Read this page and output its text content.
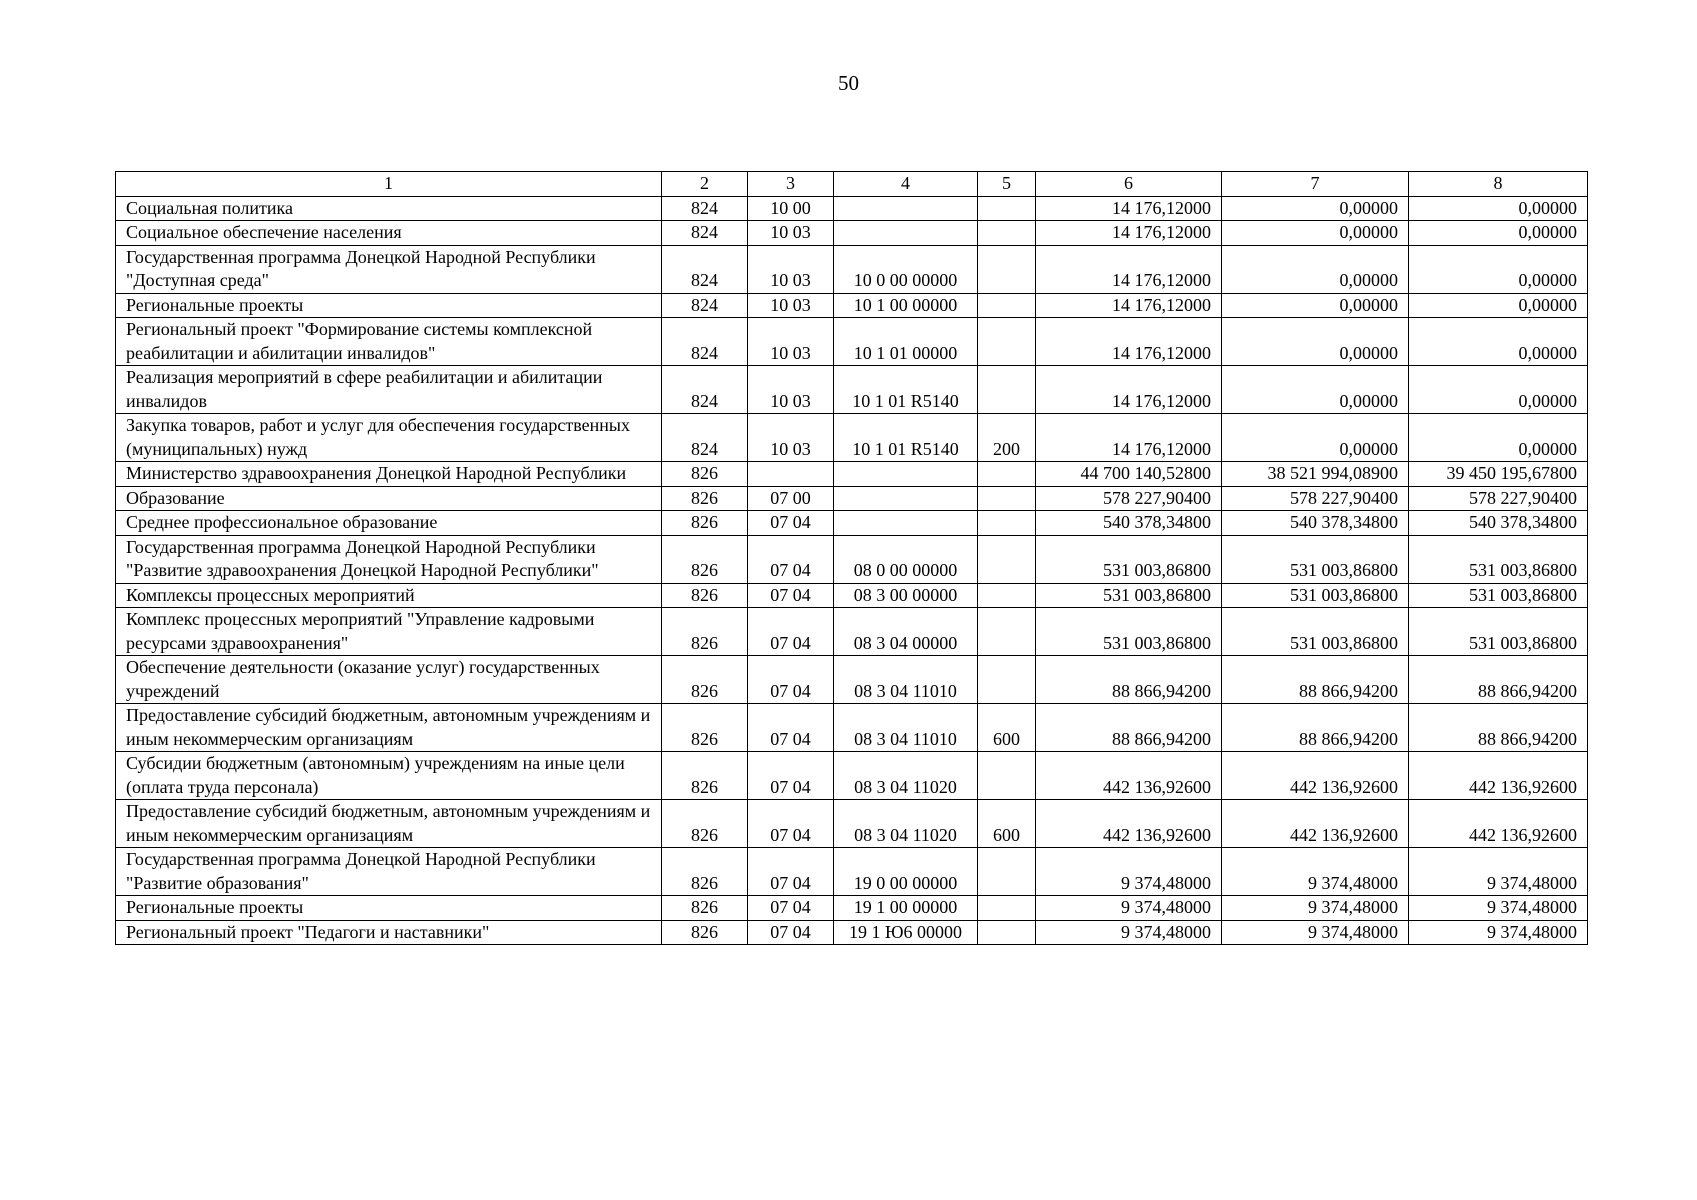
50
1	2	3	4	5	6	7	8
Социальная политика	824	10 00			14 176,12000	0,00000	0,00000
Социальное обеспечение населения	824	10 03			14 176,12000	0,00000	0,00000
Государственная программа Донецкой Народной Республики "Доступная среда"	824	10 03	10 0 00 00000		14 176,12000	0,00000	0,00000
Региональные проекты	824	10 03	10 1 00 00000		14 176,12000	0,00000	0,00000
Региональный проект "Формирование системы комплексной реабилитации и абилитации инвалидов"	824	10 03	10 1 01 00000		14 176,12000	0,00000	0,00000
Реализация мероприятий в сфере реабилитации и абилитации инвалидов	824	10 03	10 1 01 R5140		14 176,12000	0,00000	0,00000
Закупка товаров, работ и услуг для обеспечения государственных (муниципальных) нужд	824	10 03	10 1 01 R5140	200	14 176,12000	0,00000	0,00000
Министерство здравоохранения Донецкой Народной Республики	826				44 700 140,52800	38 521 994,08900	39 450 195,67800
Образование	826	07 00			578 227,90400	578 227,90400	578 227,90400
Среднее профессиональное образование	826	07 04			540 378,34800	540 378,34800	540 378,34800
Государственная программа Донецкой Народной Республики "Развитие здравоохранения Донецкой Народной Республики"	826	07 04	08 0 00 00000		531 003,86800	531 003,86800	531 003,86800
Комплексы процессных мероприятий	826	07 04	08 3 00 00000		531 003,86800	531 003,86800	531 003,86800
Комплекс процессных мероприятий "Управление кадровыми ресурсами здравоохранения"	826	07 04	08 3 04 00000		531 003,86800	531 003,86800	531 003,86800
Обеспечение деятельности (оказание услуг) государственных учреждений	826	07 04	08 3 04 11010		88 866,94200	88 866,94200	88 866,94200
Предоставление субсидий бюджетным, автономным учреждениям и иным некоммерческим организациям	826	07 04	08 3 04 11010	600	88 866,94200	88 866,94200	88 866,94200
Субсидии бюджетным (автономным) учреждениям на иные цели (оплата труда персонала)	826	07 04	08 3 04 11020		442 136,92600	442 136,92600	442 136,92600
Предоставление субсидий бюджетным, автономным учреждениям и иным некоммерческим организациям	826	07 04	08 3 04 11020	600	442 136,92600	442 136,92600	442 136,92600
Государственная программа Донецкой Народной Республики "Развитие образования"	826	07 04	19 0 00 00000		9 374,48000	9 374,48000	9 374,48000
Региональные проекты	826	07 04	19 1 00 00000		9 374,48000	9 374,48000	9 374,48000
Региональный проект "Педагоги и наставники"	826	07 04	19 1 Ю6 00000		9 374,48000	9 374,48000	9 374,48000
